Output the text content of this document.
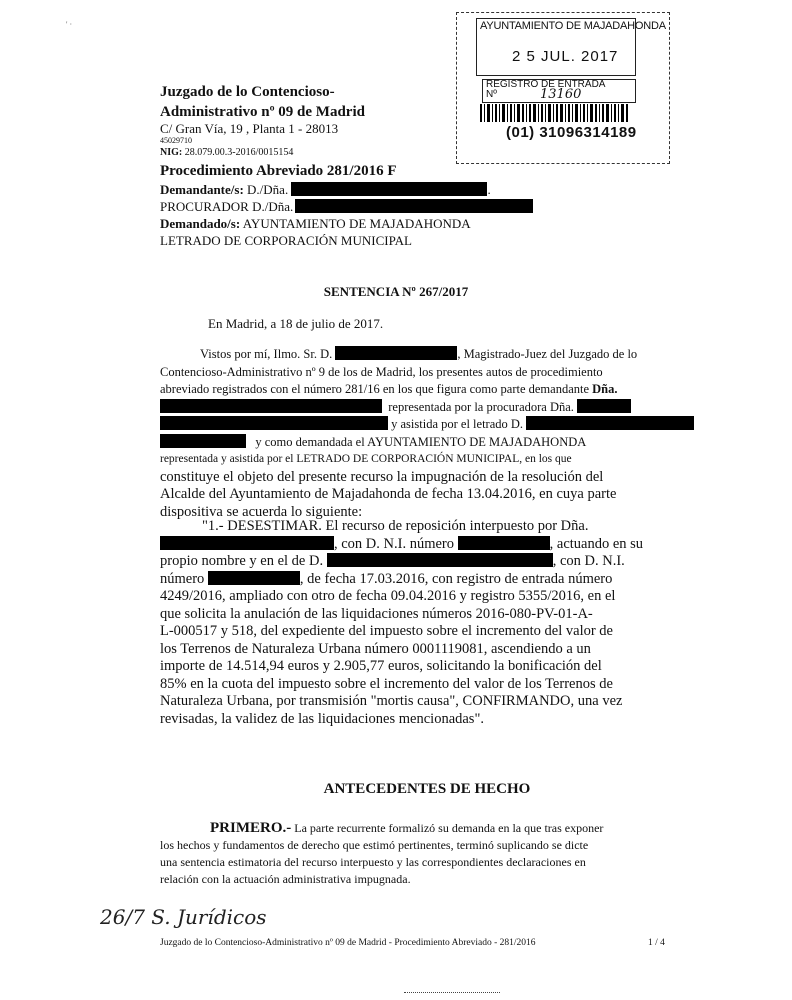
' ·
Juzgado de lo Contencioso-
Administrativo nº 09 de Madrid
C/ Gran Vía, 19 , Planta 1 - 28013
45029710
NIG: 28.079.00.3-2016/0015154
Procedimiento Abreviado 281/2016 F
Demandante/s: D./Dña.	.
PROCURADOR D./Dña.
Demandado/s: AYUNTAMIENTO DE MAJADAHONDA
LETRADO DE CORPORACIÓN MUNICIPAL
AYUNTAMIENTO DE MAJADAHONDA
2 5 JUL. 2017
REGISTRO DE ENTRADA
Nº	13160
(01) 31096314189
SENTENCIA Nº 267/2017
En Madrid, a 18 de julio de 2017.
Vistos por mí, Ilmo. Sr. D.	, Magistrado-Juez del Juzgado de lo
Contencioso-Administrativo nº 9 de los de Madrid, los presentes autos de procedimiento
abreviado registrados con el número 281/16 en los que figura como parte demandante Dña.
representada por la procuradora Dña.
y asistida por el letrado D.
y como demandada el AYUNTAMIENTO DE MAJADAHONDA
representada y asistida por el LETRADO DE CORPORACIÓN MUNICIPAL, en los que
constituye el objeto del presente recurso la impugnación de la resolución del
Alcalde del Ayuntamiento de Majadahonda de fecha 13.04.2016, en cuya parte
dispositiva se acuerda lo siguiente:
"1.- DESESTIMAR. El recurso de reposición interpuesto por Dña.
, con D. N.I. número	, actuando en su
propio nombre y en el de D.	, con D. N.I.
número	, de fecha 17.03.2016, con registro de entrada número
4249/2016, ampliado con otro de fecha 09.04.2016 y registro 5355/2016, en el
que solicita la anulación de las liquidaciones números 2016-080-PV-01-A-
L-000517 y 518, del expediente del impuesto sobre el incremento del valor de
los Terrenos de Naturaleza Urbana número 0001119081, ascendiendo a un
importe de 14.514,94 euros y 2.905,77 euros, solicitando la bonificación del
85% en la cuota del impuesto sobre el incremento del valor de los Terrenos de
Naturaleza Urbana, por transmisión "mortis causa", CONFIRMANDO, una vez
revisadas, la validez de las liquidaciones mencionadas".
ANTECEDENTES DE HECHO
PRIMERO.- La parte recurrente formalizó su demanda en la que tras exponer
los hechos y fundamentos de derecho que estimó pertinentes, terminó suplicando se dicte
una sentencia estimatoria del recurso interpuesto y las correspondientes declaraciones en
relación con la actuación administrativa impugnada.
26/7 S. Jurídicos
Juzgado de lo Contencioso-Administrativo nº 09 de Madrid - Procedimiento Abreviado - 281/2016	1 / 4
